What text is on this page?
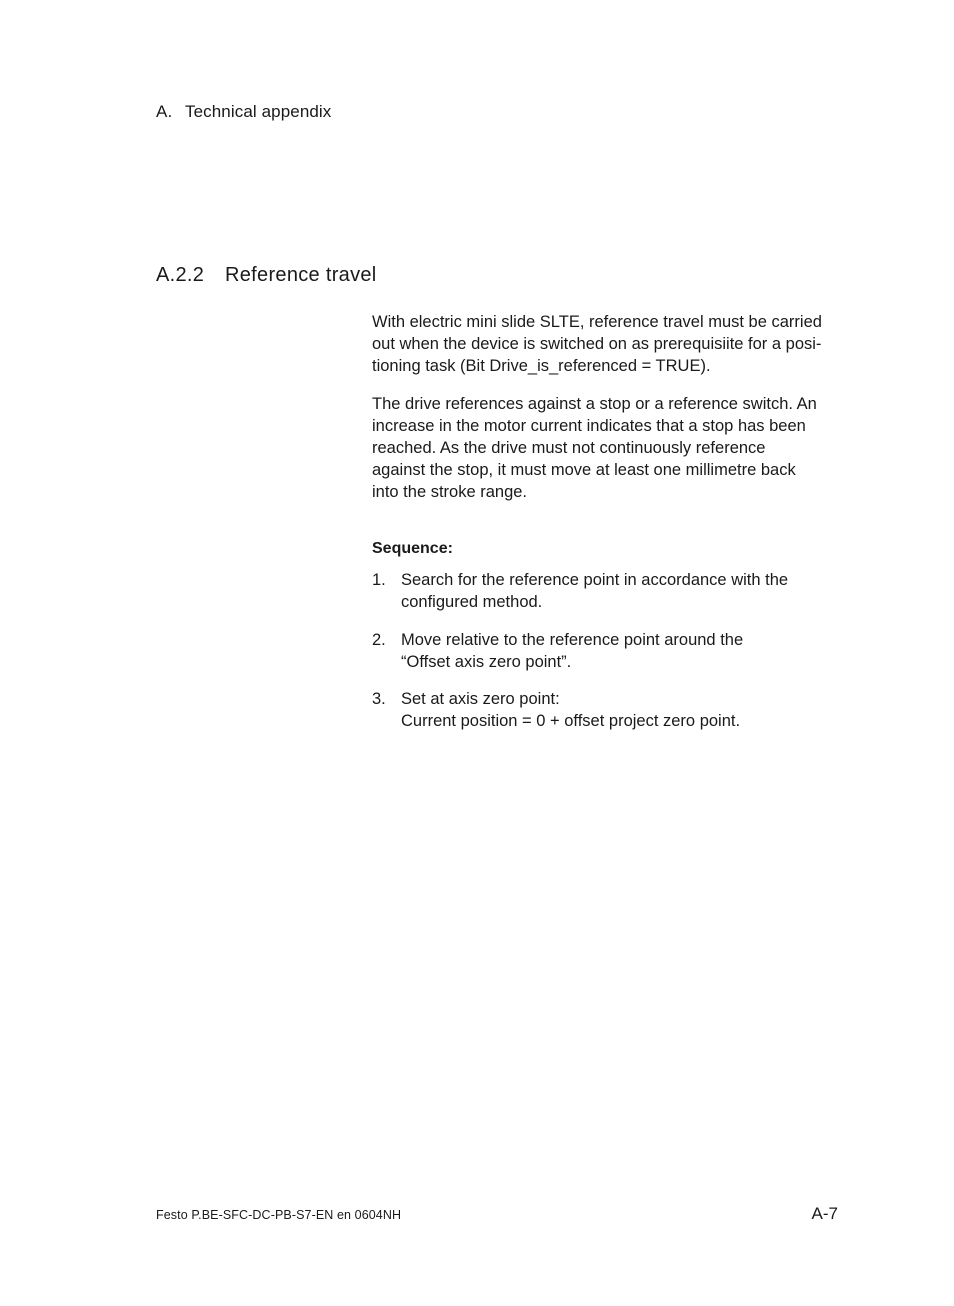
A. Technical appendix
A.2.2 Reference travel

With electric mini slide SLTE, reference travel must be carried
out when the device is switched on as prerequisiite for a posi-
tioning task (Bit Drive_is_referenced = TRUE).

The drive references against a stop or a reference switch. An
increase in the motor current indicates that a stop has been
reached. As the drive must not continuously reference
against the stop, it must move at least one millimetre back
into the stroke range.

Sequence:
1. Search for the reference point in accordance with the
configured method.
2. Move relative to the reference point around the
“Offset axis zero point”.
3. Set at axis zero point:
Current position = 0 + offset project zero point.
Festo P.BE-SFC-DC-PB-S7-EN en 0604NH	A-7
